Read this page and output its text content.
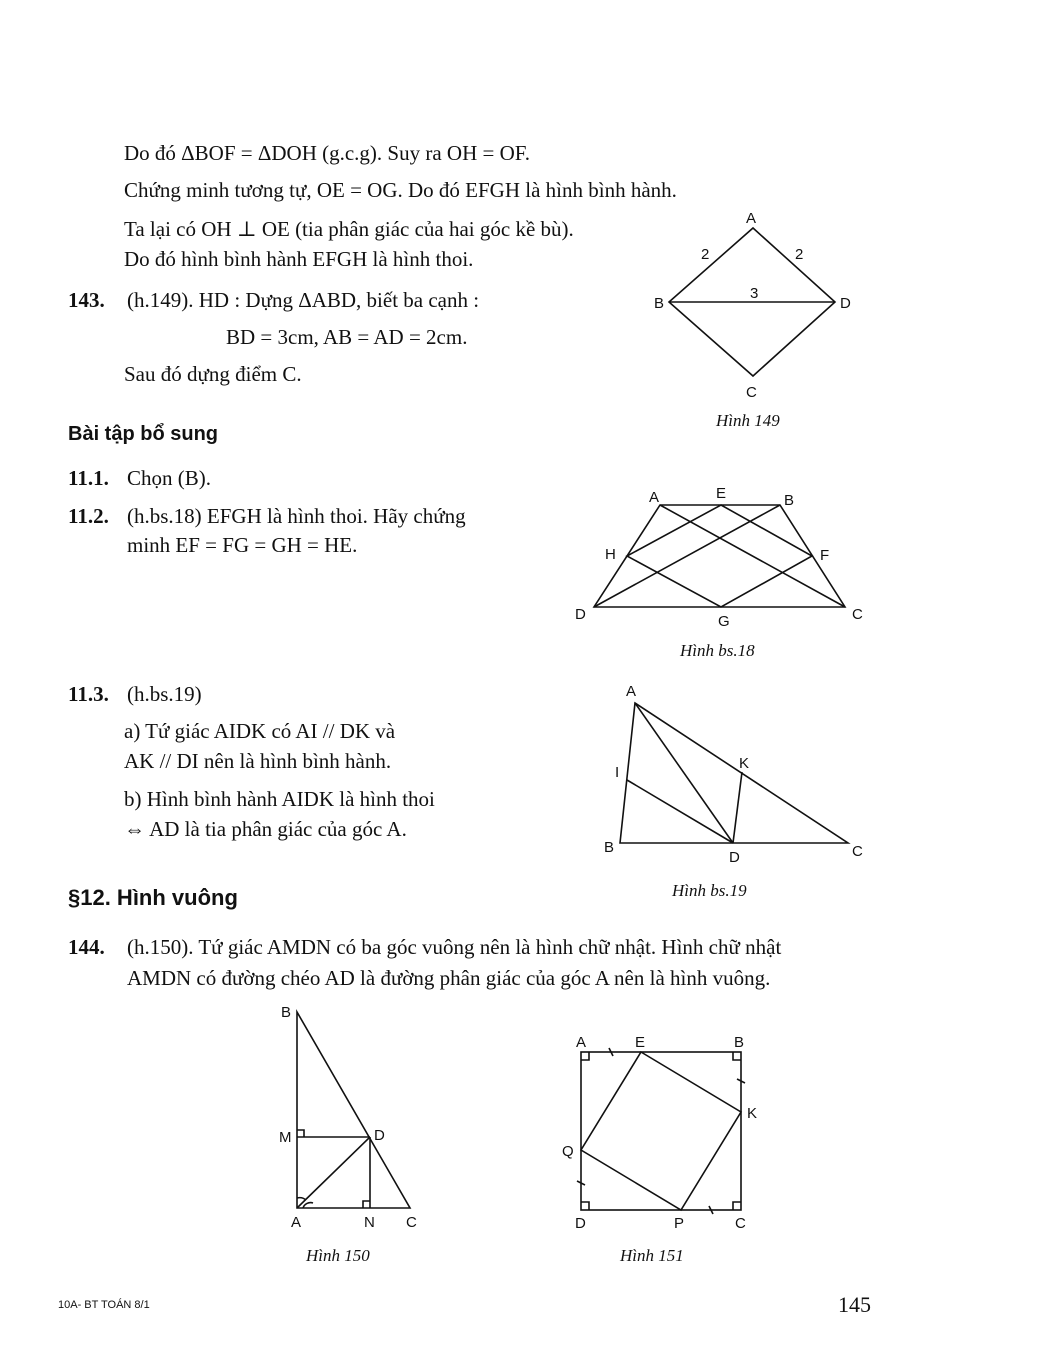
Do đó ΔBOF = ΔDOH (g.c.g). Suy ra OH = OF.
Chứng minh tương tự, OE = OG. Do đó EFGH là hình bình hành.
Ta lại có OH ⊥ OE (tia phân giác của hai góc kề bù).
Do đó hình bình hành EFGH là hình thoi.
143. (h.149). HD : Dựng ΔABD, biết ba cạnh :
BD = 3cm, AB = AD = 2cm.
Sau đó dựng điểm C.
A
B	D
C
2	2
3
Hình 149
Bài tập bổ sung
11.1. Chọn (B).
11.2. (h.bs.18) EFGH là hình thoi. Hãy chứng
minh EF = FG = GH = HE.
A	E	B
H	F
D	G	C
Hình bs.18
11.3. (h.bs.19)
a) Tứ giác AIDK có AI // DK và
AK // DI nên là hình bình hành.
b) Hình bình hành AIDK là hình thoi
⇔ AD là tia phân giác của góc A.
A
I
K
B
D	C
Hình bs.19
§12. Hình vuông
144. (h.150). Tứ giác AMDN có ba góc vuông nên là hình chữ nhật. Hình chữ nhật
AMDN có đường chéo AD là đường phân giác của góc A nên là hình vuông.
B
M	D
A	N C
Hình 150
A	E	B
K
Q
D	P	C
Hình 151
10A- BT TOÁN 8/1	145
